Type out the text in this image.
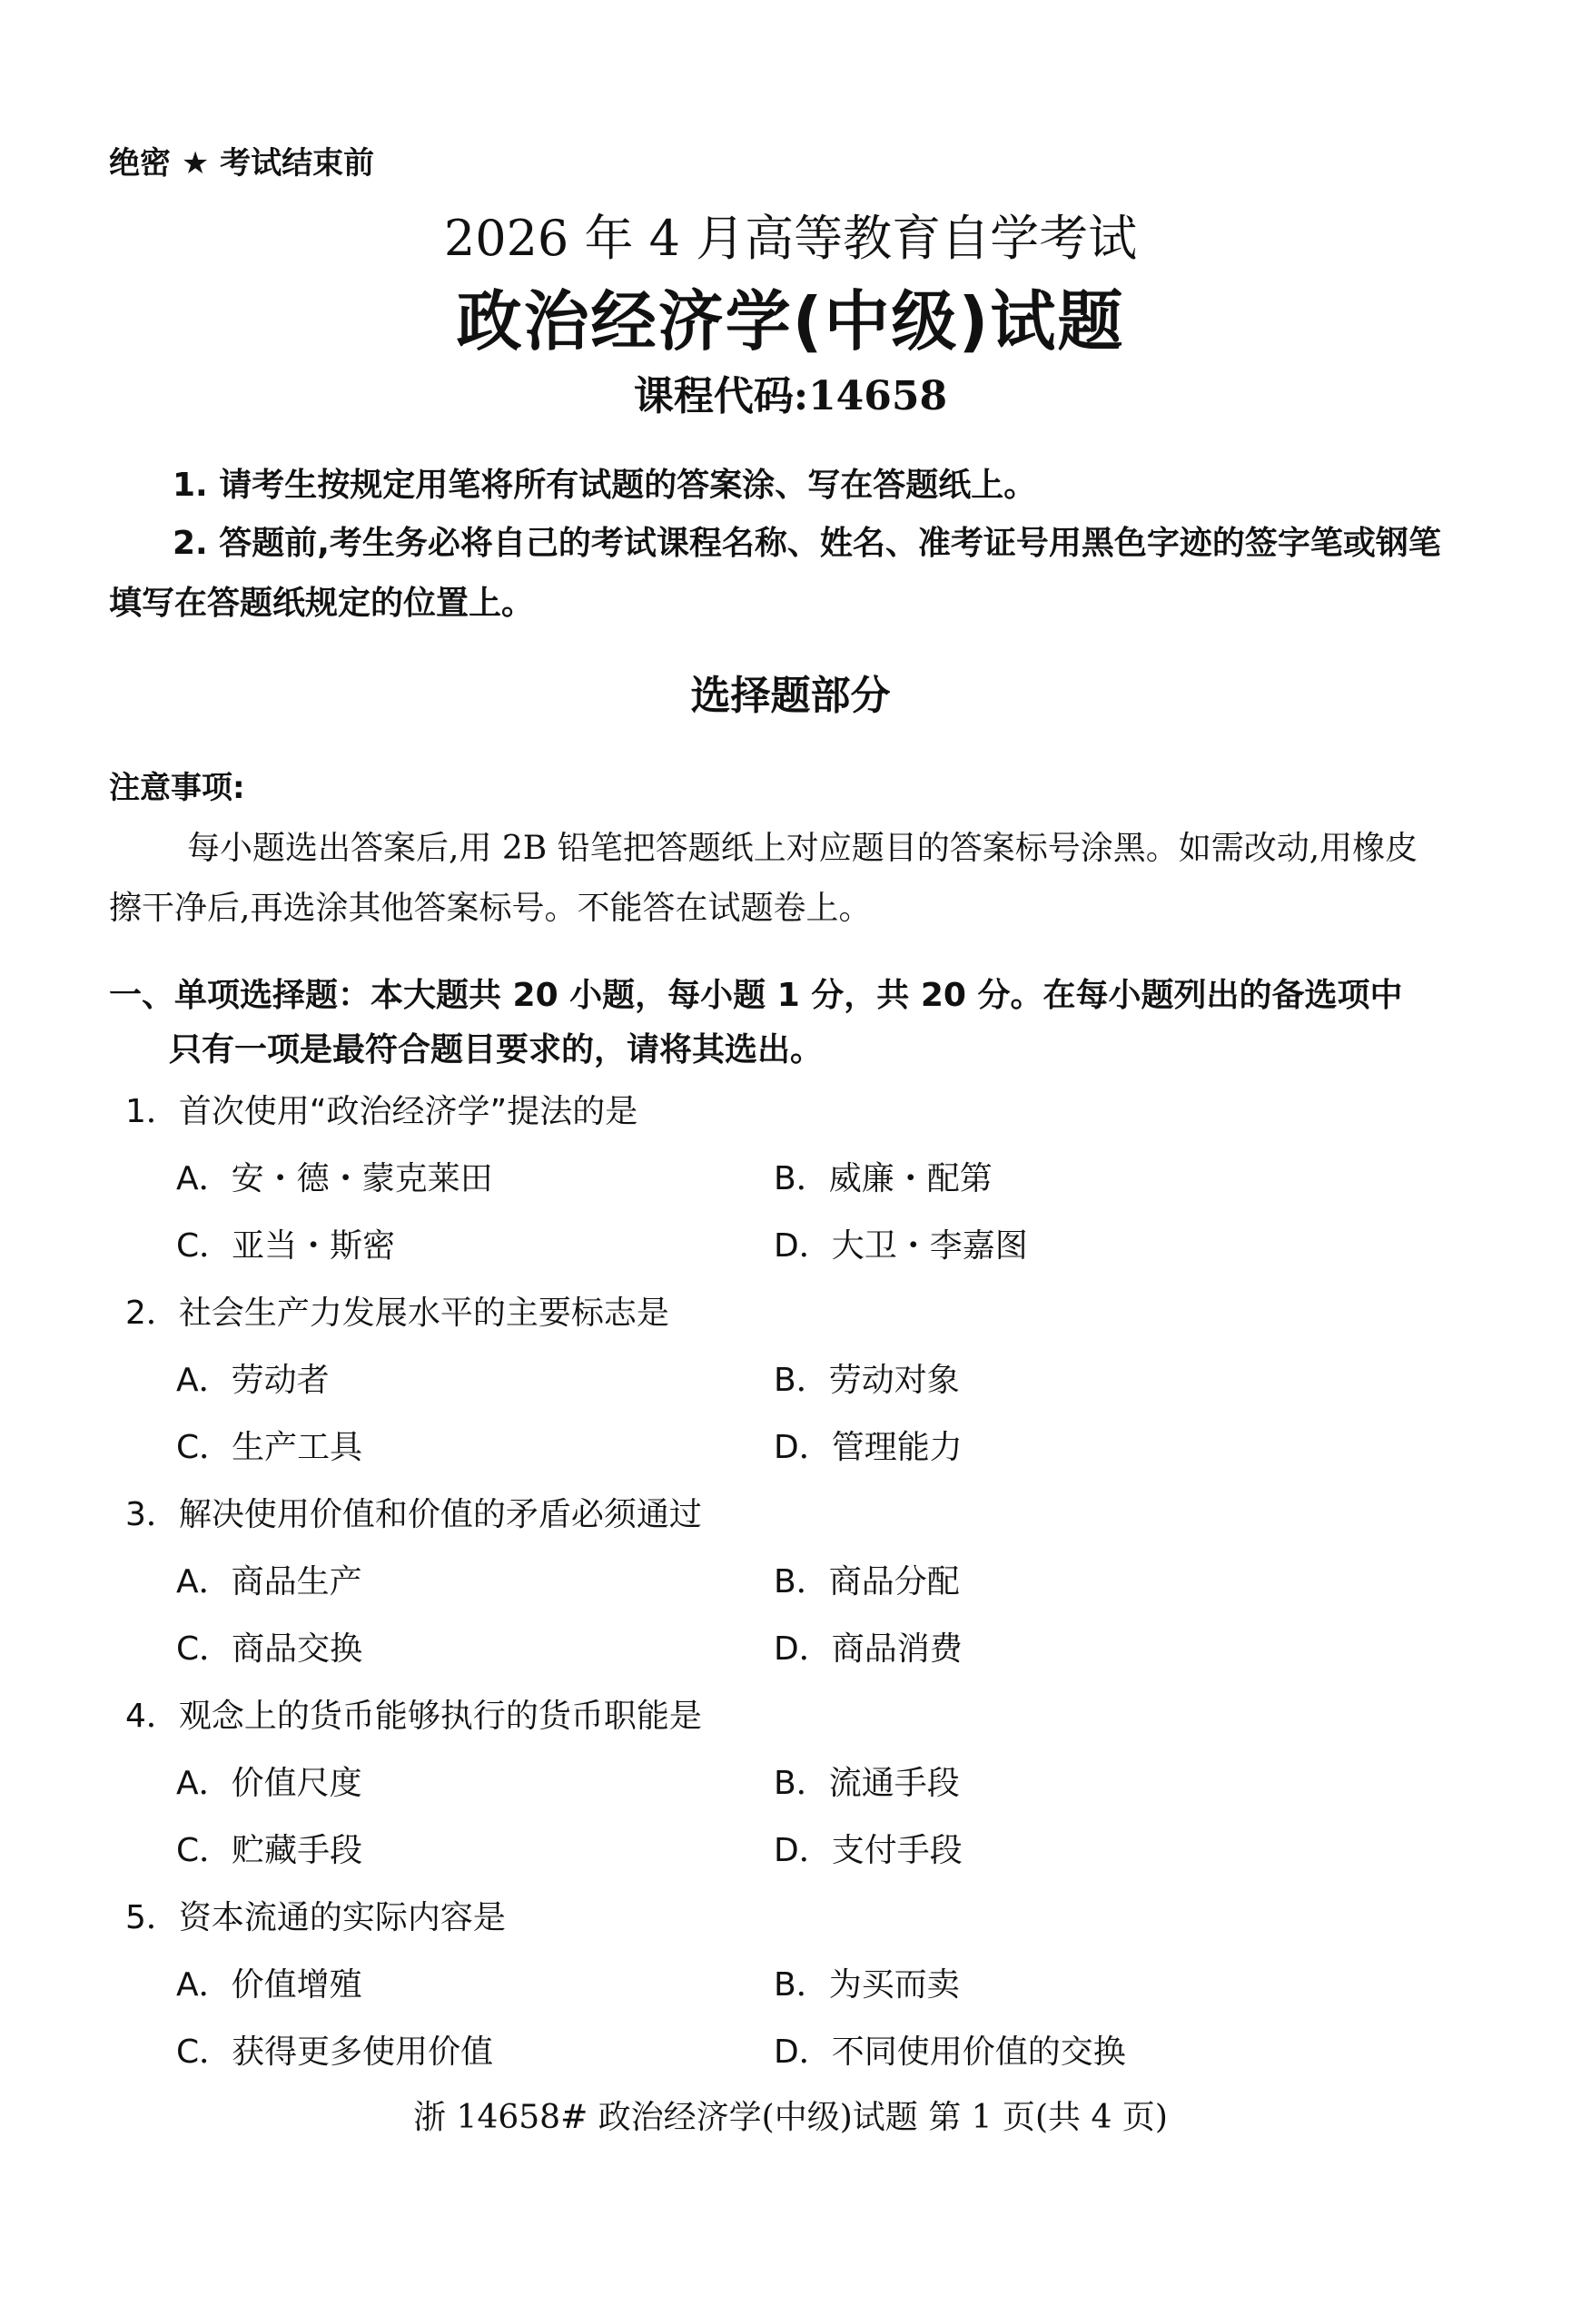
绝密 ★ 考试结束前
2026 年 4 月高等教育自学考试
政治经济学(中级)试题
课程代码:14658
1. 请考生按规定用笔将所有试题的答案涂、写在答题纸上。
2. 答题前,考生务必将自己的考试课程名称、姓名、准考证号用黑色字迹的签字笔或钢笔
填写在答题纸规定的位置上。
选择题部分
注意事项:
每小题选出答案后,用 2B 铅笔把答题纸上对应题目的答案标号涂黑。如需改动,用橡皮
擦干净后,再选涂其他答案标号。不能答在试题卷上。
一、单项选择题：本大题共 20 小题，每小题 1 分，共 20 分。在每小题列出的备选项中
只有一项是最符合题目要求的，请将其选出。
1．首次使用“政治经济学”提法的是
A．安・德・蒙克莱田	B．威廉・配第
C．亚当・斯密	D．大卫・李嘉图
2．社会生产力发展水平的主要标志是
A．劳动者	B．劳动对象
C．生产工具	D．管理能力
3．解决使用价值和价值的矛盾必须通过
A．商品生产	B．商品分配
C．商品交换	D．商品消费
4．观念上的货币能够执行的货币职能是
A．价值尺度	B．流通手段
C．贮藏手段	D．支付手段
5．资本流通的实际内容是
A．价值增殖	B．为买而卖
C．获得更多使用价值	D．不同使用价值的交换
浙 14658# 政治经济学(中级)试题 第 1 页(共 4 页)
